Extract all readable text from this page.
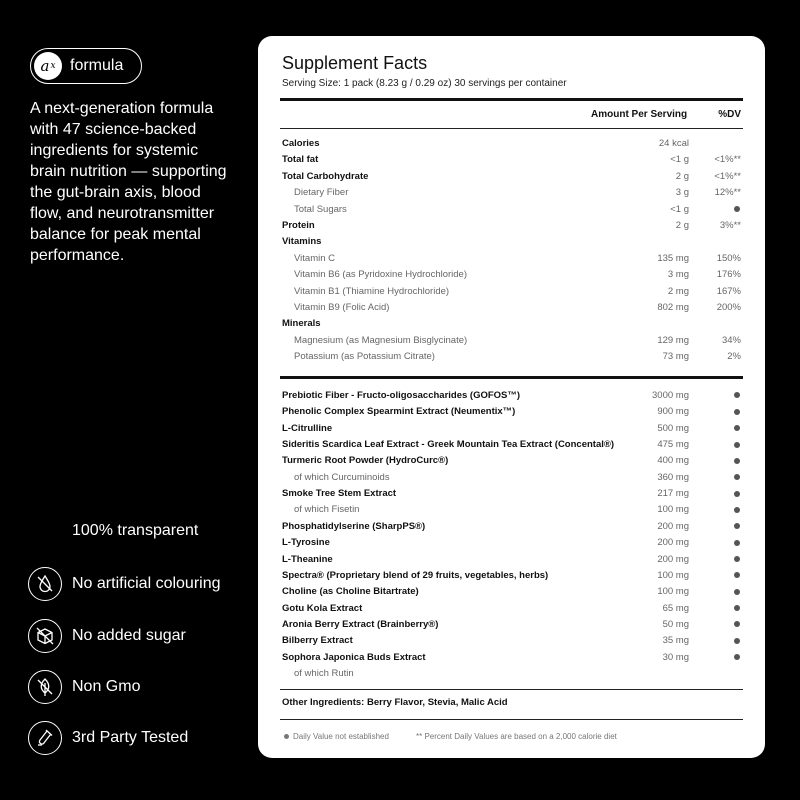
a x formula

A next-generation formula with 47 science-backed ingredients for systemic brain nutrition — supporting the gut-brain axis, blood flow, and neurotransmitter balance for peak mental performance.

100% transparent
No artificial colouring
No added sugar
Non Gmo
3rd Party Tested
Supplement Facts
Serving Size: 1 pack (8.23 g / 0.29 oz) 30 servings per container
Amount Per Serving	%DV
Calories	24 kcal
Total fat	<1 g	<1%**
Total Carbohydrate	2 g	<1%**
Dietary Fiber	3 g	12%**
Total Sugars	<1 g
Protein	2 g	3%**
Vitamins
Vitamin C	135 mg	150%
Vitamin B6 (as Pyridoxine Hydrochloride)	3 mg	176%
Vitamin B1 (Thiamine Hydrochloride)	2 mg	167%
Vitamin B9 (Folic Acid)	802 mg	200%
Minerals
Magnesium (as Magnesium Bisglycinate)	129 mg	34%
Potassium (as Potassium Citrate)	73 mg	2%
Prebiotic Fiber - Fructo-oligosaccharides (GOFOS™)	3000 mg
Phenolic Complex Spearmint Extract (Neumentix™)	900 mg
L-Citrulline	500 mg
Sideritis Scardica Leaf Extract - Greek Mountain Tea Extract (Concental®)	475 mg
Turmeric Root Powder (HydroCurc®)	400 mg
of which Curcuminoids	360 mg
Smoke Tree Stem Extract	217 mg
of which Fisetin	100 mg
Phosphatidylserine (SharpPS®)	200 mg
L-Tyrosine	200 mg
L-Theanine	200 mg
Spectra® (Proprietary blend of 29 fruits, vegetables, herbs)	100 mg
Choline (as Choline Bitartrate)	100 mg
Gotu Kola Extract	65 mg
Aronia Berry Extract (Brainberry®)	50 mg
Bilberry Extract	35 mg
Sophora Japonica Buds Extract	30 mg
of which Rutin
Other Ingredients: Berry Flavor, Stevia, Malic Acid
Daily Value not established	** Percent Daily Values are based on a 2,000 calorie diet
